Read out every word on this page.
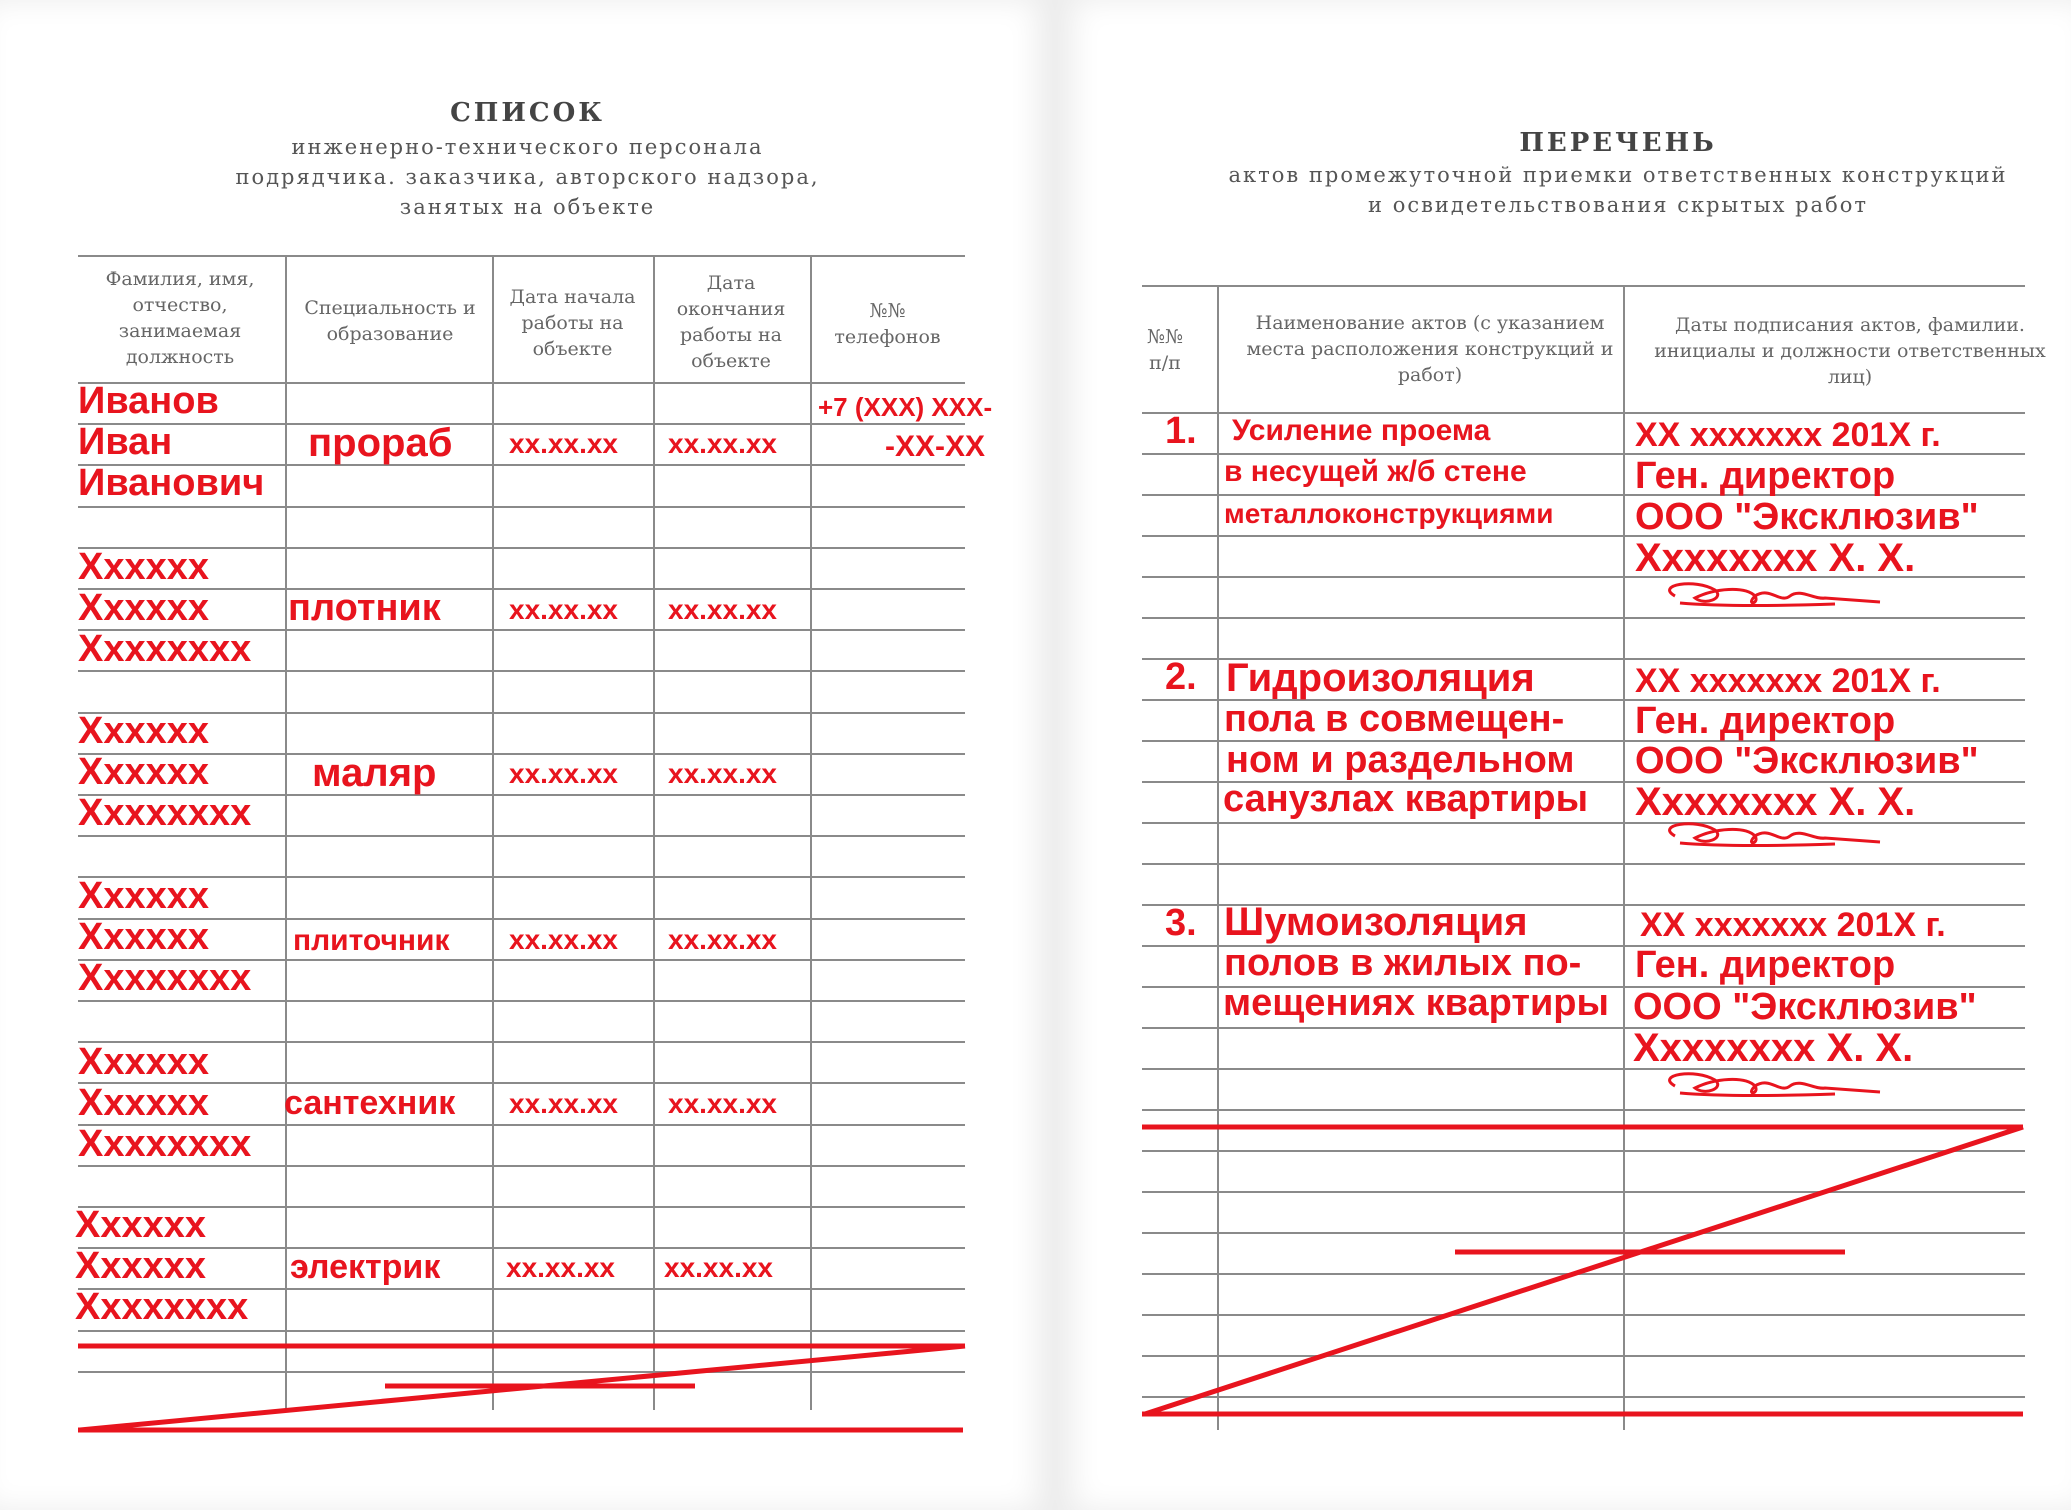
СПИСОК
инженерно-технического персонала
подрядчика. заказчика, авторского надзора,
занятых на объекте
Фамилия, имя, отчество, занимаемая должность
Специальность и образование
Дата начала работы на объекте
Дата окончания работы на объекте
№№ телефонов
Иванов
Иван
Иванович
прораб xx.xx.xx xx.xx.xx
+7 (XXX) XXX-
-XX-XX
Xxxxxx
Xxxxxx
Xxxxxxxx
плотник xx.xx.xx xx.xx.xx
Xxxxxx
Xxxxxx
Xxxxxxxx
маляр	xx.xx.xx xx.xx.xx
Xxxxxx
Xxxxxx
Xxxxxxxx
плиточник xx.xx.xx xx.xx.xx
Xxxxxx
Xxxxxx
Xxxxxxxx
сантехник xx.xx.xx xx.xx.xx
Xxxxxx
Xxxxxx
Xxxxxxxx
электрик xx.xx.xx xx.xx.xx
ПЕРЕЧЕНЬ
актов промежуточной приемки ответственных конструкций
и освидетельствования скрытых работ
№№ п/п
Наименование актов (с указанием места расположения конструкций и работ)
Даты подписания актов, фамилии. инициалы и должности ответственных лиц)
1. Усиление проема
в несущей ж/б стене
металлоконструкциями
XX xxxxxxx 201X г.
Ген. директор
ООО "Эксклюзив"
Xxxxxxxx X. X.
2. Гидроизоляция
пола в совмещен-
ном и раздельном
санузлах квартиры
XX xxxxxxx 201X г.
Ген. директор
ООО "Эксклюзив"
Xxxxxxxx X. X.
3. Шумоизоляция
полов в жилых по-
мещениях квартиры
XX xxxxxxx 201X г.
Ген. директор
ООО "Эксклюзив"
Xxxxxxxx X. X.
